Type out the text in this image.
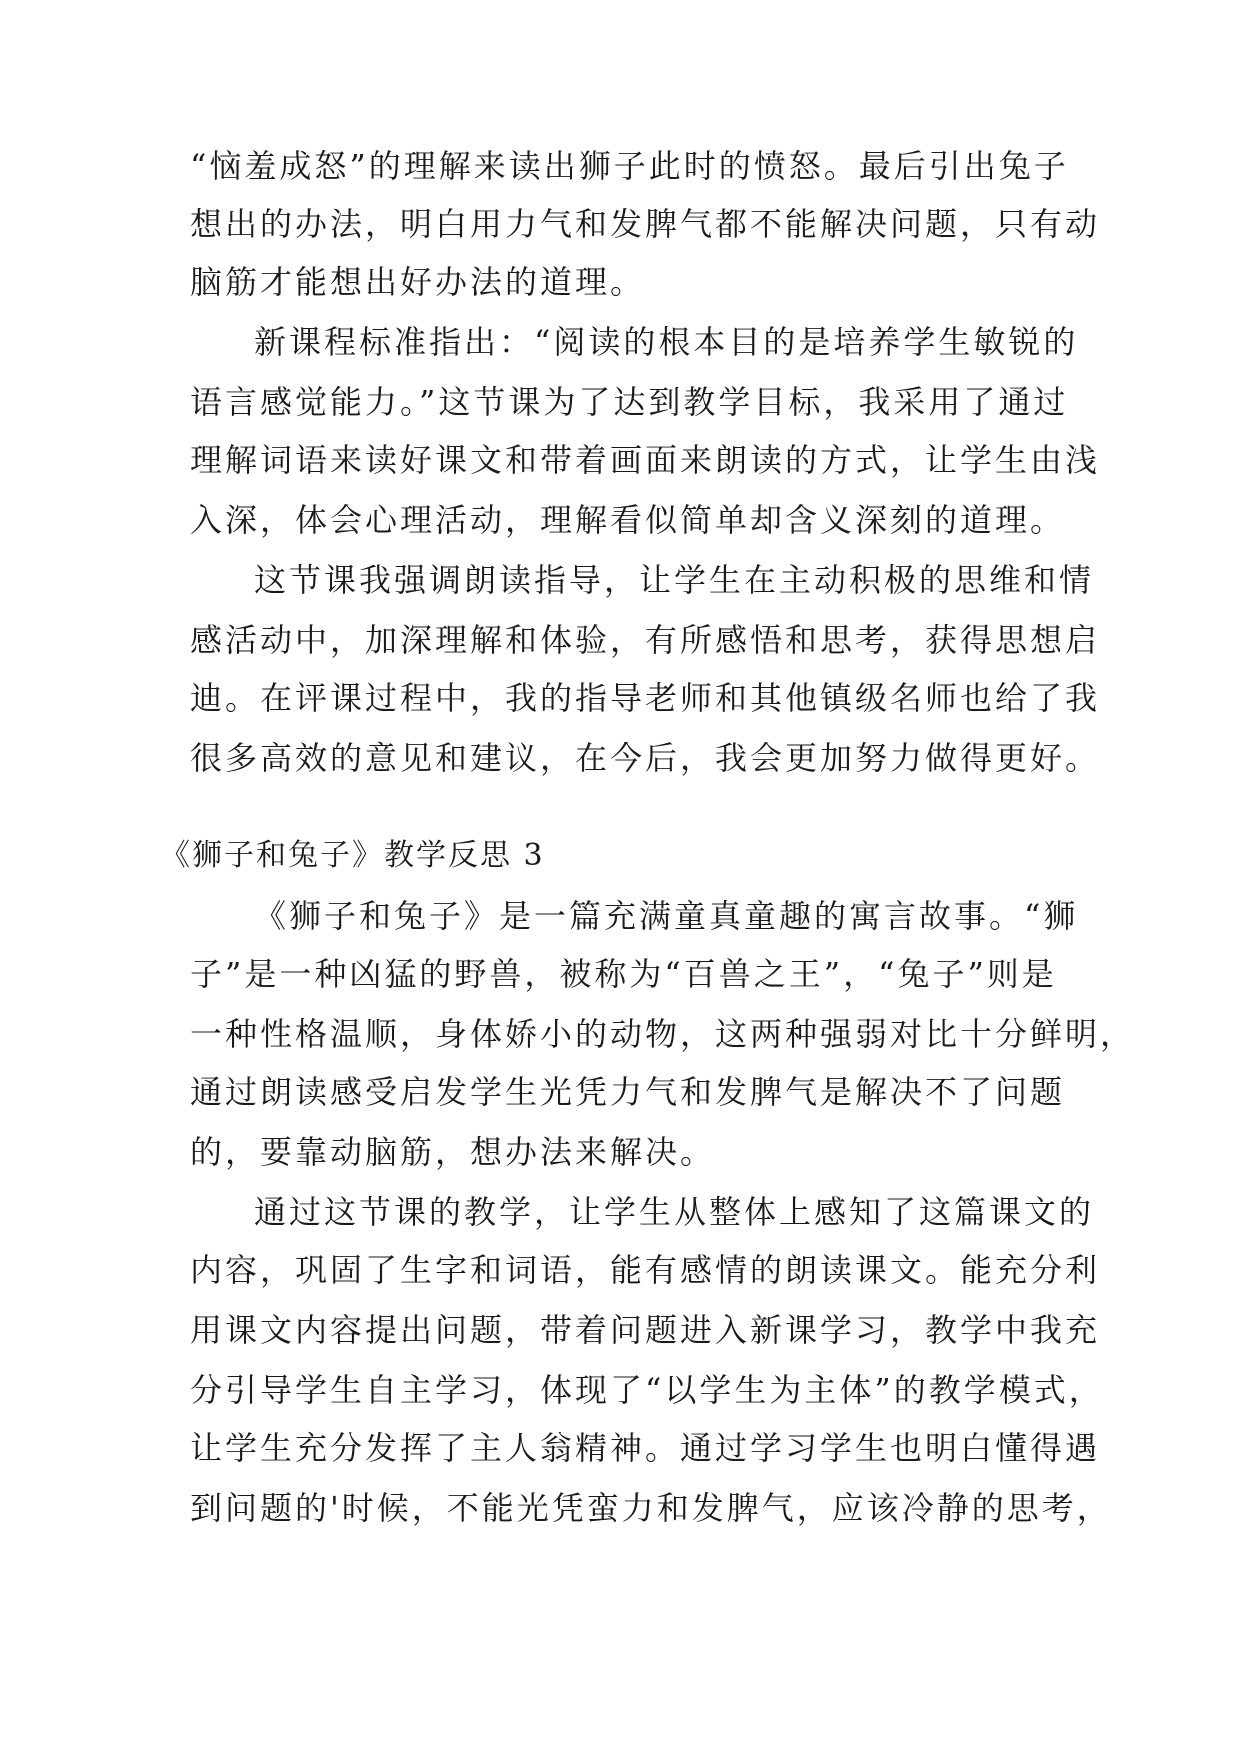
“恼羞成怒”的理解来读出狮子此时的愤怒。最后引出兔子
想出的办法，明白用力气和发脾气都不能解决问题，只有动
脑筋才能想出好办法的道理。
新课程标准指出：“阅读的根本目的是培养学生敏锐的
语言感觉能力。”这节课为了达到教学目标，我采用了通过
理解词语来读好课文和带着画面来朗读的方式，让学生由浅
入深，体会心理活动，理解看似简单却含义深刻的道理。
这节课我强调朗读指导，让学生在主动积极的思维和情
感活动中，加深理解和体验，有所感悟和思考，获得思想启
迪。在评课过程中，我的指导老师和其他镇级名师也给了我
很多高效的意见和建议，在今后，我会更加努力做得更好。
《狮子和兔子》教学反思 3
《狮子和兔子》是一篇充满童真童趣的寓言故事。“狮
子”是一种凶猛的野兽，被称为“百兽之王”，“兔子”则是
一种性格温顺，身体娇小的动物，这两种强弱对比十分鲜明，
通过朗读感受启发学生光凭力气和发脾气是解决不了问题
的，要靠动脑筋，想办法来解决。
通过这节课的教学，让学生从整体上感知了这篇课文的
内容，巩固了生字和词语，能有感情的朗读课文。能充分利
用课文内容提出问题，带着问题进入新课学习，教学中我充
分引导学生自主学习，体现了“以学生为主体”的教学模式，
让学生充分发挥了主人翁精神。通过学习学生也明白懂得遇
到问题的'时候，不能光凭蛮力和发脾气，应该冷静的思考，
